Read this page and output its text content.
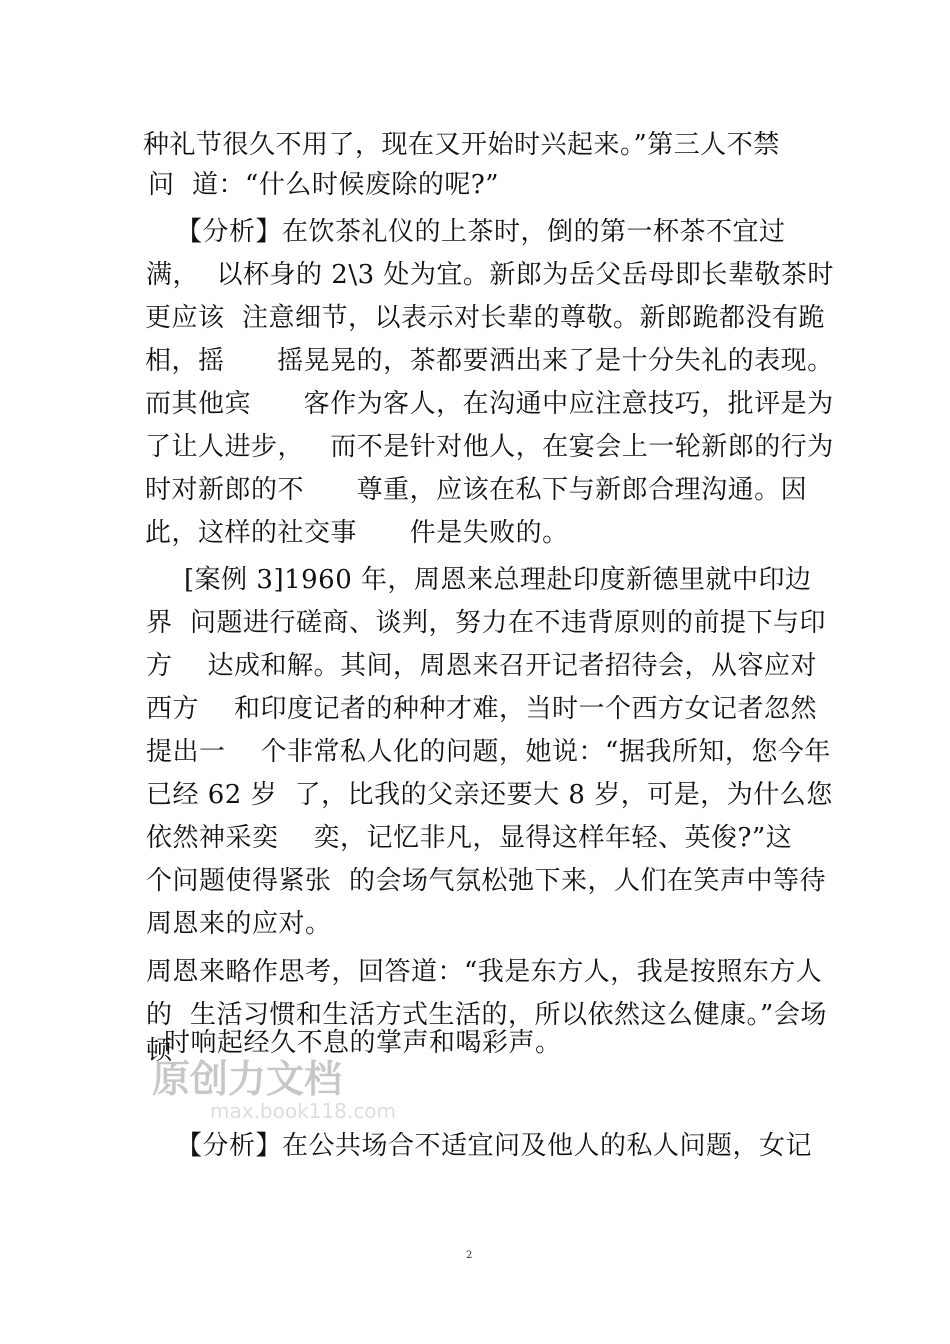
种礼节很久不用了，现在又开始时兴起来。”第三人不禁
问  道：“什么时候废除的呢?”
【分析】在饮茶礼仪的上茶时，倒的第一杯茶不宜过
满，  以杯身的 2\3 处为宜。新郎为岳父岳母即长辈敬茶时
更应该  注意细节，以表示对长辈的尊敬。新郎跪都没有跪
相，摇      摇晃晃的，茶都要洒出来了是十分失礼的表现。
而其他宾      客作为客人，在沟通中应注意技巧，批评是为
了让人进步，   而不是针对他人，在宴会上一轮新郎的行为
时对新郎的不      尊重，应该在私下与新郎合理沟通。因
此，这样的社交事      件是失败的。
[案例 3]1960 年，周恩来总理赴印度新德里就中印边
界  问题进行磋商、谈判，努力在不违背原则的前提下与印
方    达成和解。其间，周恩来召开记者招待会，从容应对
西方    和印度记者的种种才难，当时一个西方女记者忽然
提出一    个非常私人化的问题，她说：“据我所知，您今年
已经 62 岁  了，比我的父亲还要大 8 岁，可是，为什么您
依然神采奕    奕，记忆非凡，显得这样年轻、英俊?”这
个问题使得紧张  的会场气氛松弛下来，人们在笑声中等待
周恩来的应对。
周恩来略作思考，回答道：“我是东方人，我是按照东方人
的  生活习惯和生活方式生活的，所以依然这么健康。”会场
顿
时响起经久不息的掌声和喝彩声。
原创力文档
max.book118.com
【分析】在公共场合不适宜问及他人的私人问题，女记
2
